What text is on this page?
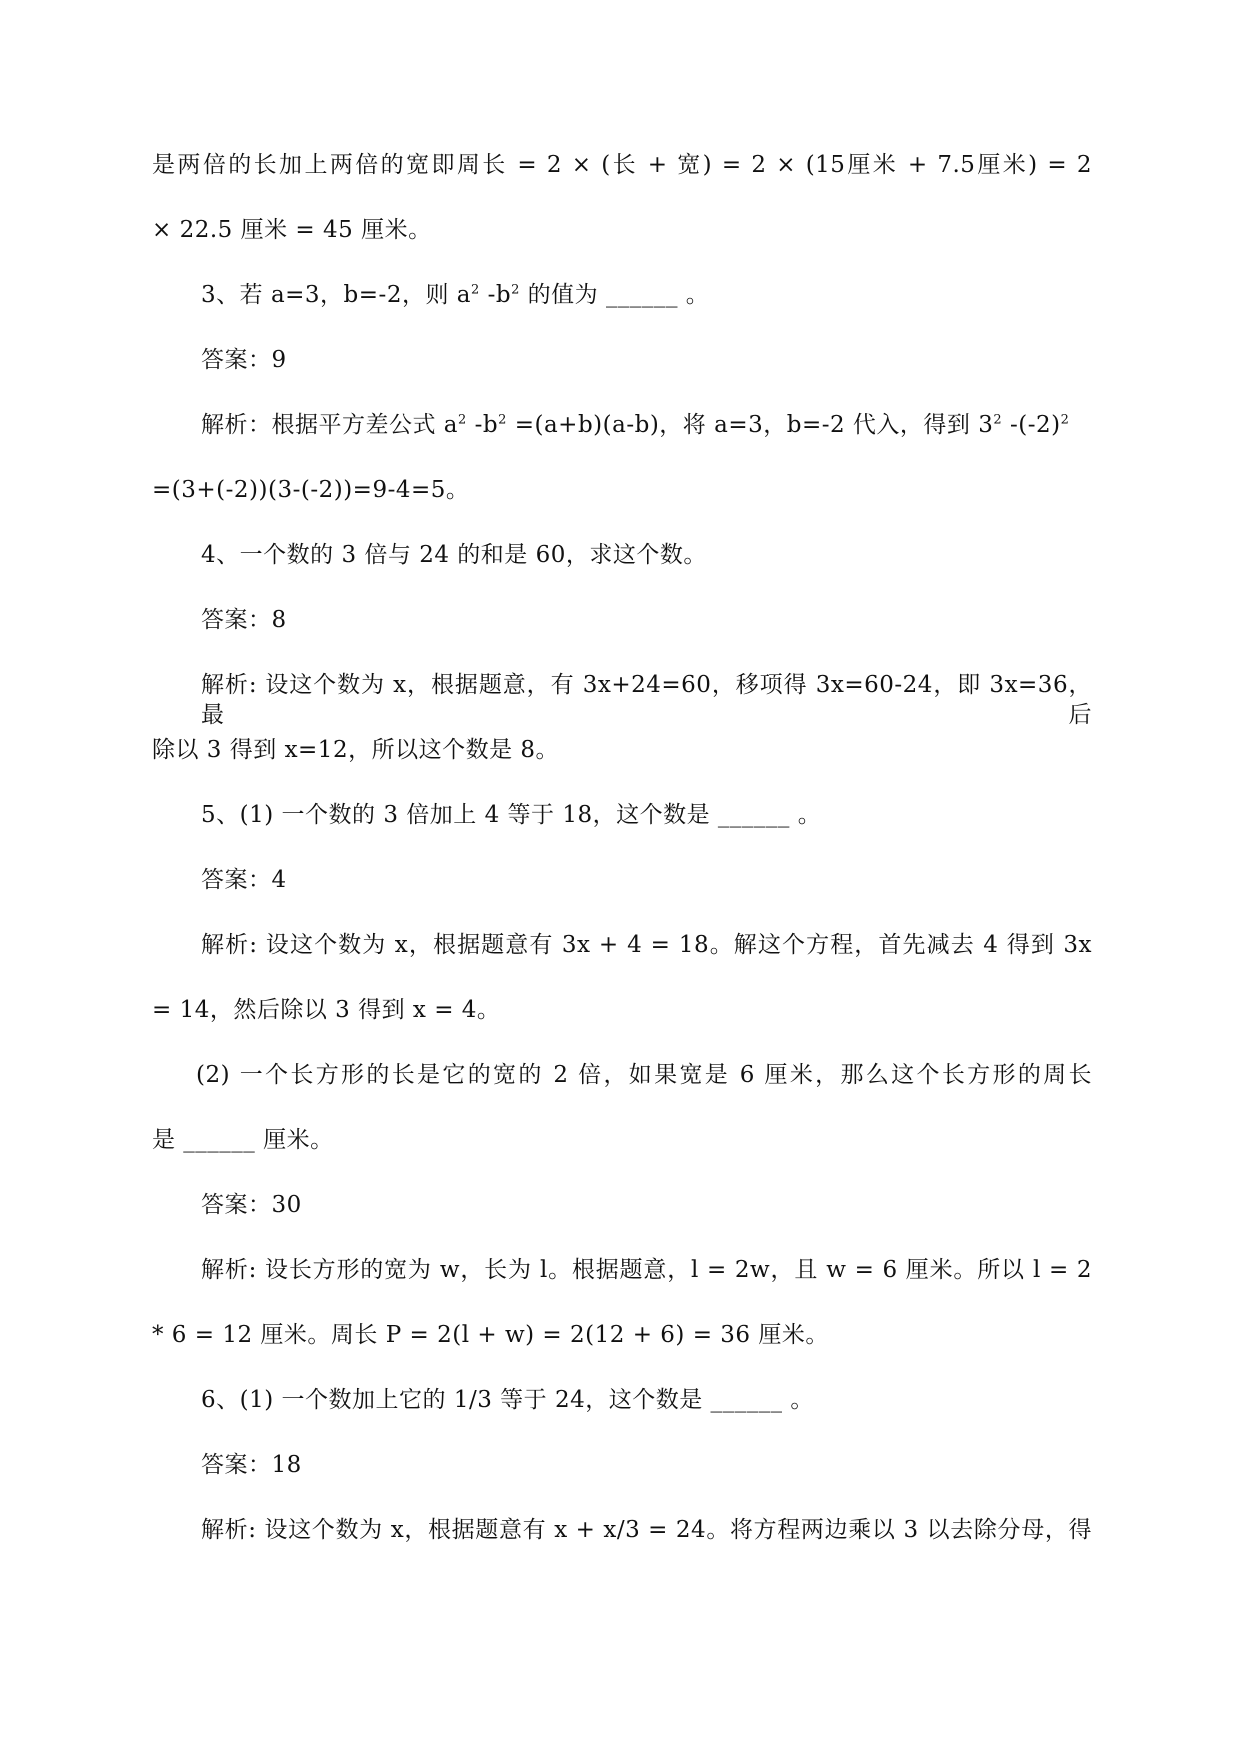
是两倍的长加上两倍的宽即周长 = 2 × (长 + 宽) = 2 × (15厘米 + 7.5厘米) = 2
× 22.5 厘米 = 45 厘米。
3、若 a=3，b=-2，则 $a^2$ $-b^2$ 的值为 ______ 。
答案：9
解析：根据平方差公式 $a^2$ $-b^2 =(a+b)(a-b)$，将 a=3，b=-2 代入，得到 $3^2$ $-(-2)^2$
=(3+(-2))(3-(-2))=9-4=5。
4、一个数的 3 倍与 24 的和是 60，求这个数。
答案：8
解析: 设这个数为 x，根据题意，有 3x+24=60，移项得 3x=60-24，即 3x=36，最后
除以 3 得到 x=12，所以这个数是 8。
5、(1) 一个数的 3 倍加上 4 等于 18，这个数是 ______ 。
答案：4
解析: 设这个数为 x，根据题意有 3x + 4 = 18。解这个方程，首先减去 4 得到 3x
= 14，然后除以 3 得到 x = 4。
(2) 一个长方形的长是它的宽的 2 倍，如果宽是 6 厘米，那么这个长方形的周长
是 ______ 厘米。
答案：30
解析: 设长方形的宽为 w，长为 l。根据题意，l = 2w，且 w = 6 厘米。所以 l = 2
* 6 = 12 厘米。周长 P = 2(l + w) = 2(12 + 6) = 36 厘米。
6、(1) 一个数加上它的 1/3 等于 24，这个数是 ______ 。
答案：18
解析: 设这个数为 x，根据题意有 x + x/3 = 24。将方程两边乘以 3 以去除分母，得
